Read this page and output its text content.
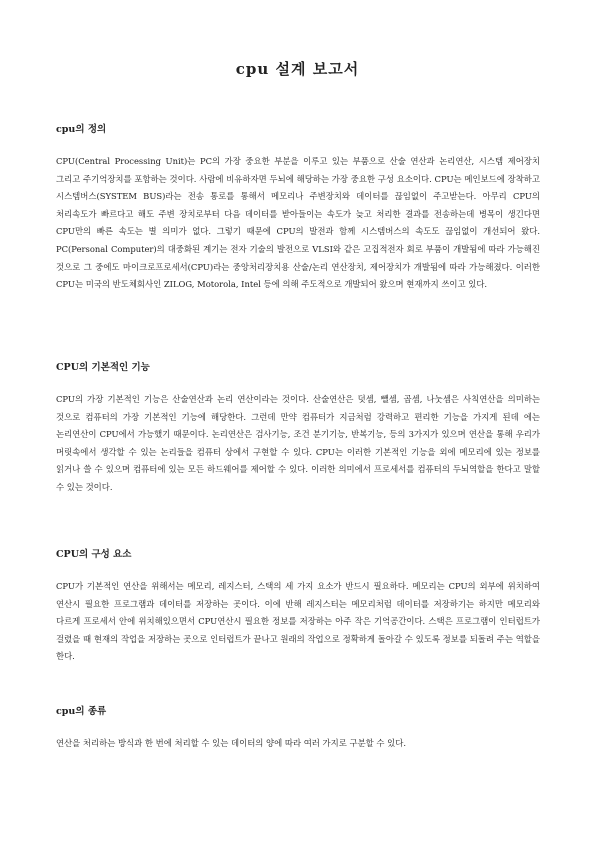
cpu 설계 보고서
cpu의 정의

CPU(Central Processing Unit)는 PC의 가장 중요한 부분을 이루고 있는 부품으로 산술 연산과 논리연산, 시스템 제어장치 그리고 주기억장치를 포함하는 것이다. 사람에 비유하자면 두뇌에 해당하는 가장 중요한 구성 요소이다. CPU는 메인보드에 장착하고 시스템버스(SYSTEM BUS)라는 전송 통로를 통해서 메모리나 주변장치와 데이터를 끊임없이 주고받는다. 아무리 CPU의 처리속도가 빠르다고 해도 주변 장치로부터 다음 데이터를 받아들이는 속도가 늦고 처리한 결과를 전송하는데 병목이 생긴다면 CPU만의 빠른 속도는 별 의미가 없다. 그렇기 때문에 CPU의 발전과 함께 시스템버스의 속도도 끊임없이 개선되어 왔다. PC(Personal Computer)의 대중화된 계기는 전자 기술의 발전으로 VLSI와 같은 고집적전자 회로 부품이 개발됨에 따라 가능해진 것으로 그 중에도 마이크로프로세서(CPU)라는 중앙처리장치용 산술/논리 연산장치, 제어장치가 개발됨에 따라 가능해졌다. 이러한 CPU는 미국의 반도체회사인 ZILOG, Motorola, Intel 등에 의해 주도적으로 개발되어 왔으며 현재까지 쓰이고 있다.

CPU의 기본적인 기능

CPU의 가장 기본적인 기능은 산술연산과 논리 연산이라는 것이다. 산술연산은 덧셈, 뺄셈, 곱셈, 나눗셈은 사칙연산을 의미하는 것으로 컴퓨터의 가장 기본적인 기능에 해당한다. 그런데 만약 컴퓨터가 지금처럼 강력하고 편리한 기능을 가지게 된데 에는 논리연산이 CPU에서 가능했기 때문이다. 논리연산은 검사기능, 조건 분기기능, 반복기능, 등의 3가지가 있으며 연산을 통해 우리가 머릿속에서 생각할 수 있는 논리들을 컴퓨터 상에서 구현할 수 있다. CPU는 이러한 기본적인 기능을 외에 메모리에 있는 정보를 읽거나 쓸 수 있으며 컴퓨터에 있는 모든 하드웨어를 제어할 수 있다. 이러한 의미에서 프로세서를 컴퓨터의 두뇌역할을 한다고 말할 수 있는 것이다.

CPU의 구성 요소

CPU가 기본적인 연산을 위해서는 메모리, 레지스터, 스택의 세 가지 요소가 반드시 필요하다. 메모리는 CPU의 외부에 위치하여 연산시 필요한 프로그램과 데이터를 저장하는 곳이다. 이에 반해 레지스터는 메모리처럼 데이터를 저장하기는 하지만 메모리와 다르게 프로세서 안에 위치해있으면서 CPU연산시 필요한 정보를 저장하는 아주 작은 기억공간이다. 스택은 프로그램이 인터럽트가 걸렸을 때 현재의 작업을 저장하는 곳으로 인터럽트가 끝나고 원래의 작업으로 정확하게 돌아갈 수 있도록 정보를 되돌려 주는 역할을 한다.

cpu의 종류

연산을 처리하는 방식과 한 번에 처리할 수 있는 데이터의 양에 따라 여러 가지로 구분할 수 있다.
